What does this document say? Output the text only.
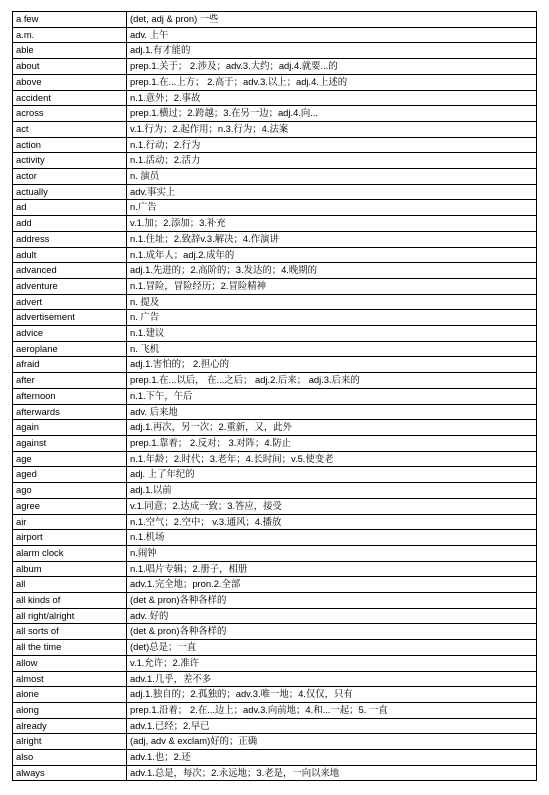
a few	(det, adj & pron) 一些
a.m.	adv. 上午
able	adj.1.有才能的
about	prep.1.关于； 2.涉及；adv.3.大约；adj.4.就要...的
above	prep.1.在...上方； 2.高于；adv.3.以上；adj.4.上述的
accident	n.1.意外；2.事故
across	prep.1.横过；2.跨越；3.在另一边；adj.4.向...
act	v.1.行为；2.起作用；n.3.行为；4.法案
action	n.1.行动；2.行为
activity	n.1.活动；2.活力
actor	n. 演员
actually	adv.事实上
ad	n.广告
add	v.1.加；2.添加；3.补充
address	n.1.住址；2.致辞v.3.解决；4.作演讲
adult	n.1.成年人；adj.2.成年的
advanced	adj.1.先进的；2.高阶的；3.发达的；4.晚期的
adventure	n.1.冒险，冒险经历；2.冒险精神
advert	n. 提及
advertisement	n. 广告
advice	n.1.建议
aeroplane	n. 飞机
afraid	adj.1.害怕的； 2.担心的
after	prep.1.在...以后， 在...之后； adj.2.后来； adj.3.后来的
afternoon	n.1.下午，午后
afterwards	adv. 后来地
again	adj.1.再次，另一次；2.重新，又，此外
against	prep.1.靠着； 2.反对； 3.对阵；4.防止
age	n.1.年龄；2.时代；3.老年；4.长时间；v.5.使变老
aged	adj. 上了年纪的
ago	adj.1.以前
agree	v.1.同意；2.达成一致；3.答应，接受
air	n.1.空气；2.空中； v.3.通风；4.播放
airport	n.1.机场
alarm clock	n.闹钟
album	n.1.唱片专辑；2.册子，相册
all	adv.1.完全地；pron.2.全部
all kinds of	(det & pron)各种各样的
all right/alright	adv. 好的
all sorts of	(det & pron)各种各样的
all the time	(det)总是；一直
allow	v.1.允许；2.准许
almost	adv.1.几乎，差不多
alone	adj.1.独自的；2.孤独的；adv.3.唯一地；4.仅仅，只有
along	prep.1.沿着； 2.在...边上；adv.3.向前地；4.和...一起；5. 一直
already	adv.1.已经；2.早已
alright	(adj, adv & exclam)好的；正确
also	adv.1.也；2.还
always	adv.1.总是，每次；2.永远地；3.老是，一向以来地
